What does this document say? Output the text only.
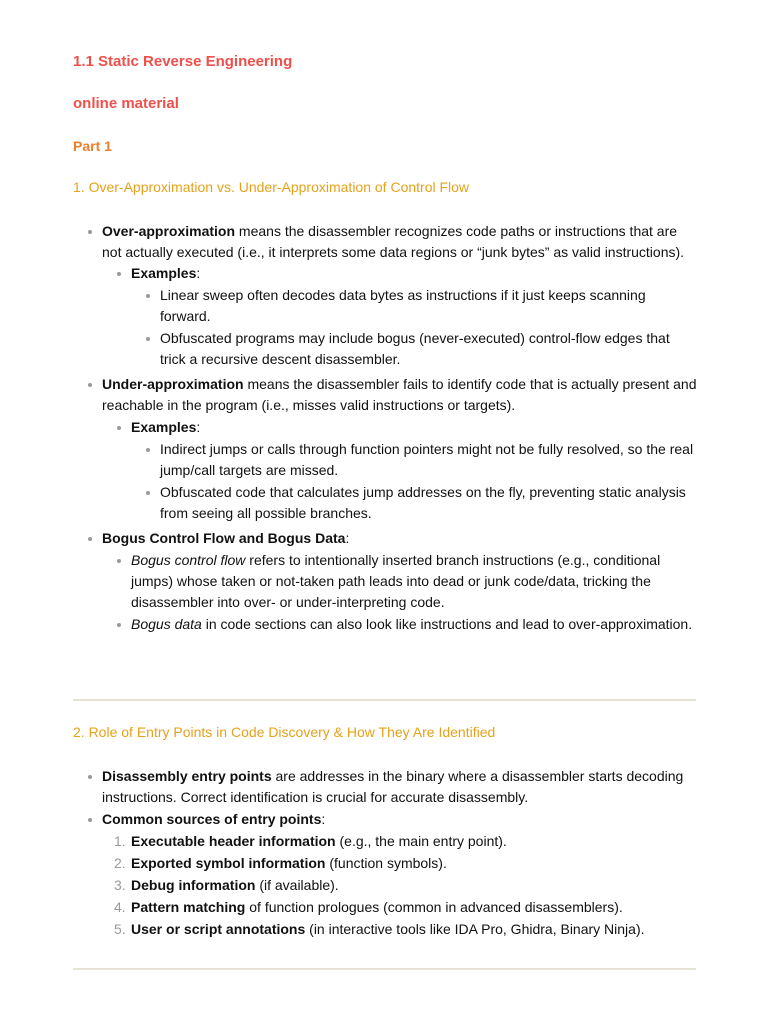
1.1 Static Reverse Engineering
online material
Part 1
1. Over-Approximation vs. Under-Approximation of Control Flow
Over-approximation means the disassembler recognizes code paths or instructions that are not actually executed (i.e., it interprets some data regions or “junk bytes” as valid instructions).
Examples:
Linear sweep often decodes data bytes as instructions if it just keeps scanning forward.
Obfuscated programs may include bogus (never-executed) control-flow edges that trick a recursive descent disassembler.
Under-approximation means the disassembler fails to identify code that is actually present and reachable in the program (i.e., misses valid instructions or targets).
Examples:
Indirect jumps or calls through function pointers might not be fully resolved, so the real jump/call targets are missed.
Obfuscated code that calculates jump addresses on the fly, preventing static analysis from seeing all possible branches.
Bogus Control Flow and Bogus Data:
Bogus control flow refers to intentionally inserted branch instructions (e.g., conditional jumps) whose taken or not-taken path leads into dead or junk code/data, tricking the disassembler into over- or under-interpreting code.
Bogus data in code sections can also look like instructions and lead to over-approximation.
2. Role of Entry Points in Code Discovery & How They Are Identified
Disassembly entry points are addresses in the binary where a disassembler starts decoding instructions. Correct identification is crucial for accurate disassembly.
Common sources of entry points:
1. Executable header information (e.g., the main entry point).
2. Exported symbol information (function symbols).
3. Debug information (if available).
4. Pattern matching of function prologues (common in advanced disassemblers).
5. User or script annotations (in interactive tools like IDA Pro, Ghidra, Binary Ninja).
